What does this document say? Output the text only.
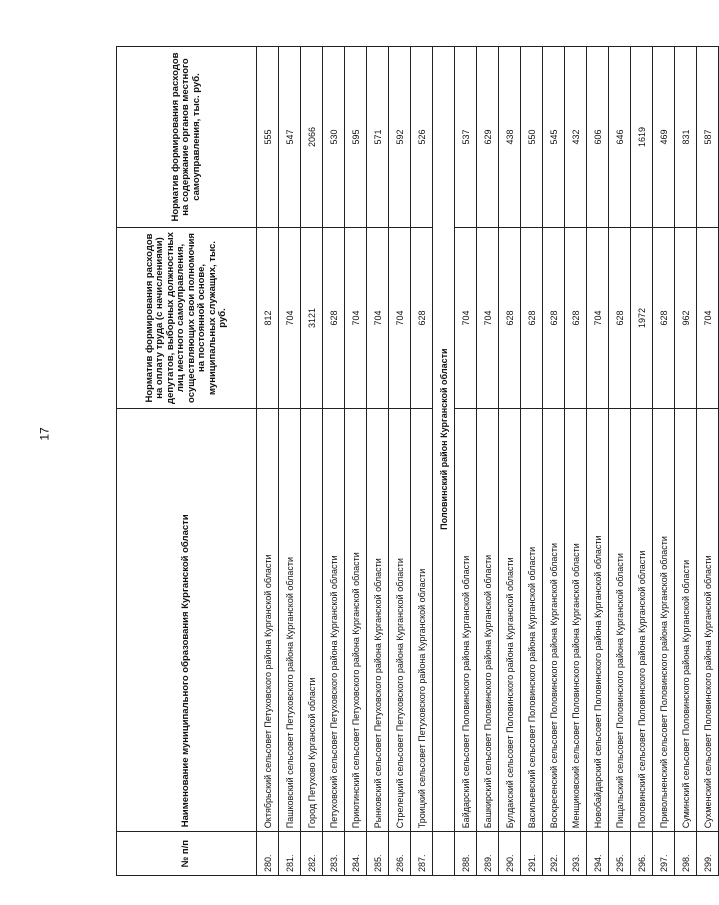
17
№ п/п	Наименование муниципального образования Курганской области	Норматив формирования расходов на оплату труда (с начислениями) депутатов, выборных должностных лиц местного самоуправления, осуществляющих свои полномочия на постоянной основе, муниципальных служащих, тыс. руб.	Норматив формирования расходов на содержание органов местного самоуправления, тыс. руб.
280.	Октябрьский сельсовет Петуховского района Курганской области	812	555
281.	Пашковский сельсовет Петуховского района Курганской области	704	547
282.	Город Петухово Курганской области	3121	2066
283.	Петуховский сельсовет Петуховского района Курганской области	628	530
284.	Приютинский сельсовет Петуховского района Курганской области	704	595
285.	Рынковский сельсовет Петуховского района Курганской области	704	571
286.	Стрелецкий сельсовет Петуховского района Курганской области	704	592
287.	Троицкий сельсовет Петуховского района Курганской области	628	526
	Половинский район Курганской области		
288.	Байдарский сельсовет Половинского района Курганской области	704	537
289.	Башкирский сельсовет Половинского района Курганской области	704	629
290.	Булдакский сельсовет Половинского района Курганской области	628	438
291.	Васильевский сельсовет Половинского района Курганской области	628	550
292.	Воскресенский сельсовет Половинского района Курганской области	628	545
293.	Менщиковский сельсовет Половинского района Курганской области	628	432
294.	Новобайдарский сельсовет Половинского района Курганской области	704	606
295.	Пищальский сельсовет Половинского района Курганской области	628	646
296.	Половинский сельсовет Половинского района Курганской области	1972	1619
297.	Привольненский сельсовет Половинского района Курганской области	628	469
298.	Суминский сельсовет Половинского района Курганской области	962	831
299.	Сухменский сельсовет Половинского района Курганской области	704	587
